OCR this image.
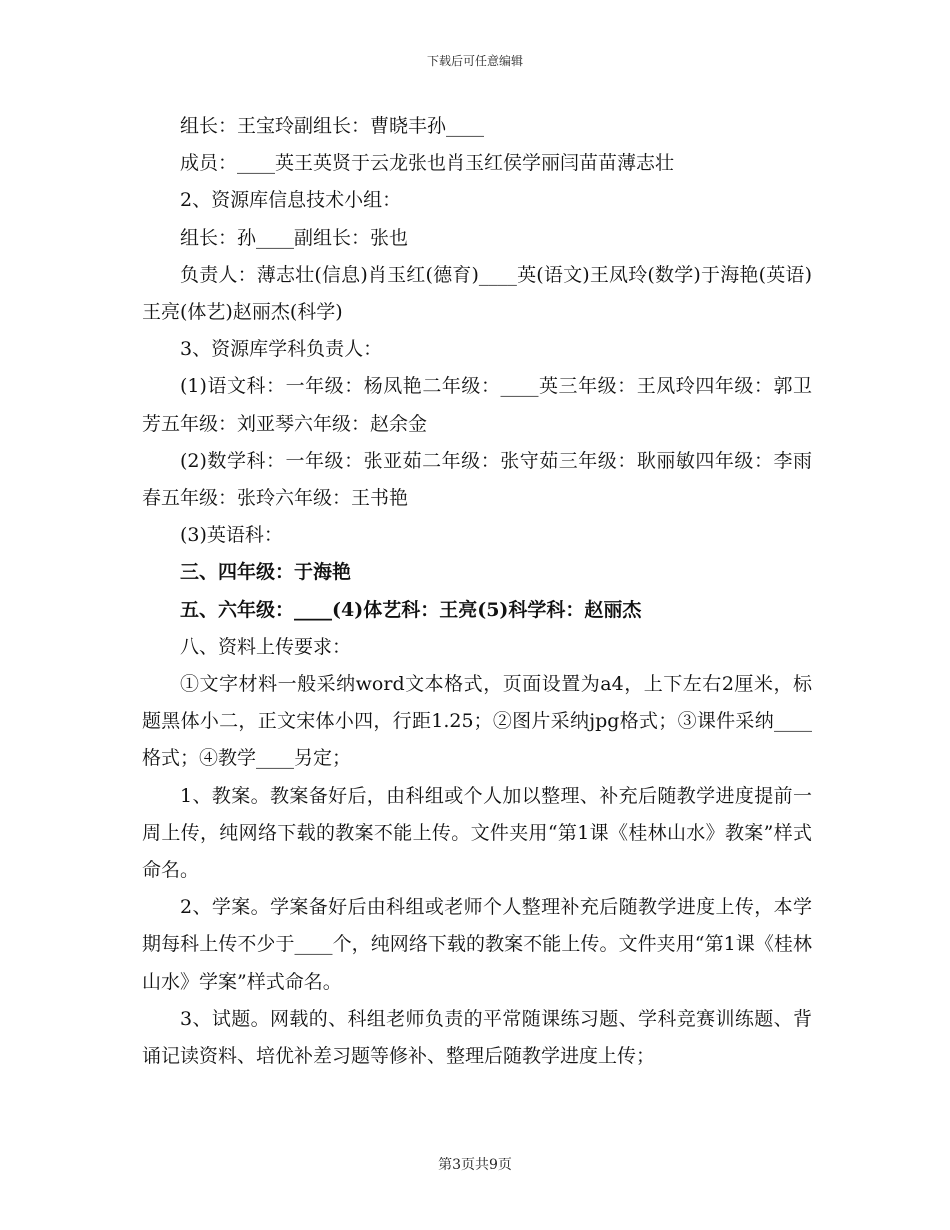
下载后可任意编辑

组长：王宝玲副组长：曹晓丰孙____

成员：____英王英贤于云龙张也肖玉红侯学丽闫苗苗薄志壮

2、资源库信息技术小组：

组长：孙____副组长：张也

负责人：薄志壮(信息)肖玉红(德育)____英(语文)王凤玲(数学)于海艳(英语)王亮(体艺)赵丽杰(科学)

3、资源库学科负责人：

(1)语文科：一年级：杨凤艳二年级：____英三年级：王凤玲四年级：郭卫芳五年级：刘亚琴六年级：赵余金

(2)数学科：一年级：张亚茹二年级：张守茹三年级：耿丽敏四年级：李雨春五年级：张玲六年级：王书艳

(3)英语科：

三、四年级：于海艳

五、六年级：____(4)体艺科：王亮(5)科学科：赵丽杰

八、资料上传要求：

①文字材料一般采纳word文本格式，页面设置为a4，上下左右2厘米，标题黑体小二，正文宋体小四，行距1.25；②图片采纳jpg格式；③课件采纳____格式；④教学____另定；

1、教案。教案备好后，由科组或个人加以整理、补充后随教学进度提前一周上传，纯网络下载的教案不能上传。文件夹用“第1课《桂林山水》教案”样式命名。

2、学案。学案备好后由科组或老师个人整理补充后随教学进度上传，本学期每科上传不少于____个，纯网络下载的教案不能上传。文件夹用“第1课《桂林山水》学案”样式命名。

3、试题。网载的、科组老师负责的平常随课练习题、学科竞赛训练题、背诵记读资料、培优补差习题等修补、整理后随教学进度上传；

第3页共9页
